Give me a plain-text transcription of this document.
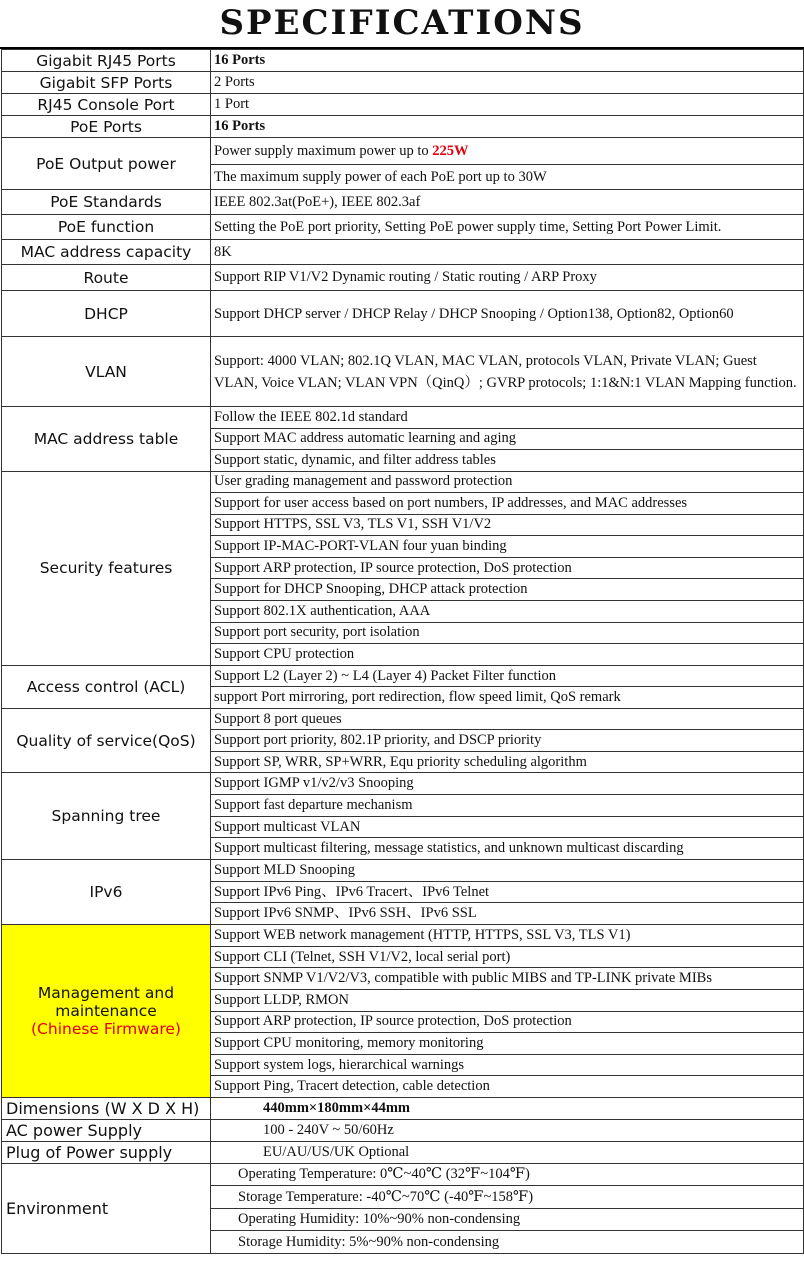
SPECIFICATIONS
Gigabit RJ45 Ports	16 Ports
Gigabit SFP Ports	2 Ports
RJ45 Console Port	1 Port
PoE Ports	16 Ports
PoE Output power	Power supply maximum power up to 225W
	The maximum supply power of each PoE port up to 30W
PoE Standards	IEEE 802.3at(PoE+), IEEE 802.3af
PoE function	Setting the PoE port priority, Setting PoE power supply time, Setting Port Power Limit.
MAC address capacity	8K
Route	Support RIP V1/V2 Dynamic routing / Static routing / ARP Proxy
DHCP	Support DHCP server / DHCP Relay / DHCP Snooping / Option138, Option82, Option60
VLAN	Support: 4000 VLAN; 802.1Q VLAN, MAC VLAN, protocols VLAN, Private VLAN; Guest VLAN, Voice VLAN; VLAN VPN（QinQ）; GVRP protocols; 1:1&N:1 VLAN Mapping function.

MAC address table	Follow the IEEE 802.1d standard
	Support MAC address automatic learning and aging
	Support static, dynamic, and filter address tables

Security features	User grading management and password protection
	Support for user access based on port numbers, IP addresses, and MAC addresses
	Support HTTPS, SSL V3, TLS V1, SSH V1/V2
	Support IP-MAC-PORT-VLAN four yuan binding
	Support ARP protection, IP source protection, DoS protection
	Support for DHCP Snooping, DHCP attack protection
	Support 802.1X authentication, AAA
	Support port security, port isolation
	Support CPU protection

Access control (ACL)	Support L2 (Layer 2) ~ L4 (Layer 4) Packet Filter function
	support Port mirroring, port redirection, flow speed limit, QoS remark

Quality of service(QoS)	Support 8 port queues
	Support port priority, 802.1P priority, and DSCP priority
	Support SP, WRR, SP+WRR, Equ priority scheduling algorithm

Spanning tree	Support IGMP v1/v2/v3 Snooping
	Support fast departure mechanism
	Support multicast VLAN
	Support multicast filtering, message statistics, and unknown multicast discarding

IPv6	Support MLD Snooping
	Support IPv6 Ping、IPv6 Tracert、IPv6 Telnet
	Support IPv6 SNMP、IPv6 SSH、IPv6 SSL

Management and maintenance
(Chinese Firmware)	Support WEB network management (HTTP, HTTPS, SSL V3, TLS V1)
	Support CLI (Telnet, SSH V1/V2, local serial port)
	Support SNMP V1/V2/V3, compatible with public MIBS and TP-LINK private MIBs
	Support LLDP, RMON
	Support ARP protection, IP source protection, DoS protection
	Support CPU monitoring, memory monitoring
	Support system logs, hierarchical warnings
	Support Ping, Tracert detection, cable detection
Dimensions (W X D X H)	440mm×180mm×44mm
AC power Supply	100 - 240V ~ 50/60Hz
Plug of Power supply	EU/AU/US/UK Optional
Environment	Operating Temperature: 0℃~40℃ (32℉~104℉)
	Storage Temperature: -40℃~70℃ (-40℉~158℉)
	Operating Humidity: 10%~90% non-condensing
	Storage Humidity: 5%~90% non-condensing
